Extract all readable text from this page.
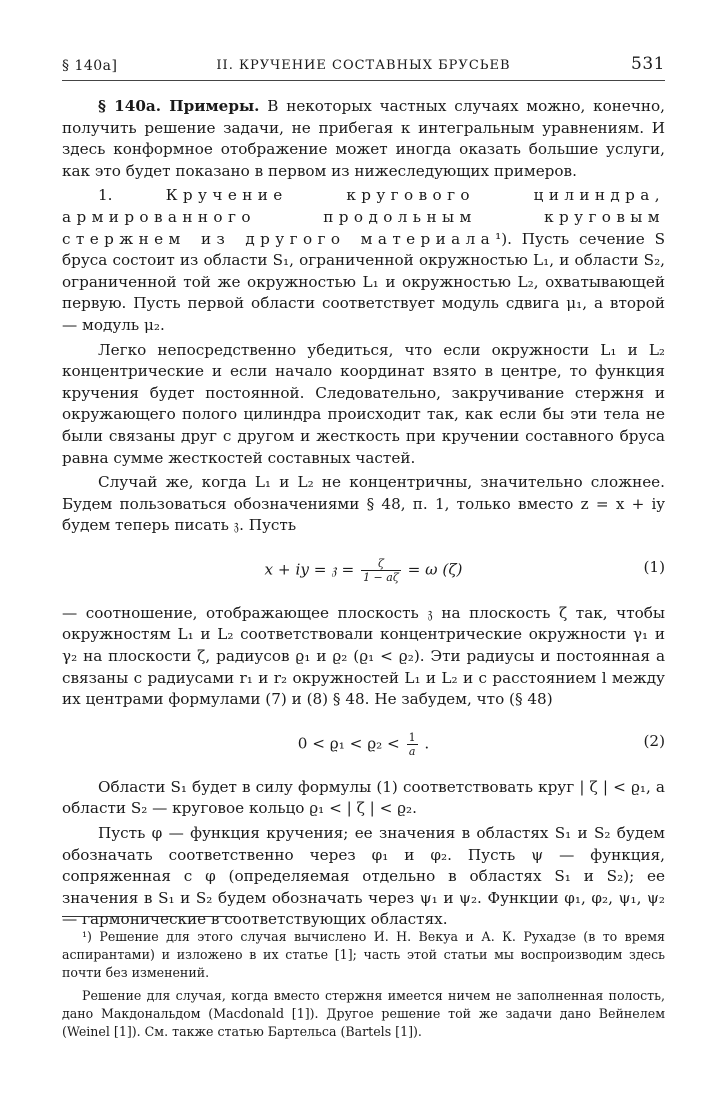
§ 140a]	II. КРУЧЕНИЕ СОСТАВНЫХ БРУСЬЕВ	531

§ 140a. Примеры. В некоторых частных случаях можно, конечно, получить решение задачи, не прибегая к интегральным уравнениям. И здесь конформное отображение может иногда оказать большие услуги, как это будет показано в первом из нижеследующих примеров.

1. Кручение кругового цилиндра, армированного продольным круговым стержнем из другого материала¹). Пусть сечение S бруса состоит из области S₁, ограниченной окружностью L₁, и области S₂, ограниченной той же окружностью L₁ и окружностью L₂, охватывающей первую. Пусть первой области соответствует модуль сдвига μ₁, а второй — модуль μ₂.

Легко непосредственно убедиться, что если окружности L₁ и L₂ концентрические и если начало координат взято в центре, то функция кручения будет постоянной. Следовательно, закручивание стержня и окружающего полого цилиндра происходит так, как если бы эти тела не были связаны друг с другом и жесткость при кручении составного бруса равна сумме жесткостей составных частей.

Случай же, когда L₁ и L₂ не концентричны, значительно сложнее. Будем пользоваться обозначениями § 48, п. 1, только вместо z = x + iy будем теперь писать 𝔷. Пусть

x + iy = 𝔷 = $\frac{\zeta}{1 - a\zeta} = \omega$ (ζ)	(1)

— соотношение, отображающее плоскость 𝔷 на плоскость ζ так, чтобы окружностям L₁ и L₂ соответствовали концентрические окружности γ₁ и γ₂ на плоскости ζ, радиусов ϱ₁ и ϱ₂ (ϱ₁ < ϱ₂). Эти радиусы и постоянная a связаны с радиусами r₁ и r₂ окружностей L₁ и L₂ и с расстоянием l между их центрами формулами (7) и (8) § 48. Не забудем, что (§ 48)

$0 < ϱ_1 < ϱ_2 < \frac{1}{a}$ .	(2)

Области S₁ будет в силу формулы (1) соответствовать круг | ζ | < ϱ₁, а области S₂ — круговое кольцо ϱ₁ < | ζ | < ϱ₂.

Пусть φ — функция кручения; ее значения в областях S₁ и S₂ будем обозначать соответственно через φ₁ и φ₂. Пусть ψ — функция, сопряженная с φ (определяемая отдельно в областях S₁ и S₂); ее значения в S₁ и S₂ будем обозначать через ψ₁ и ψ₂. Функции φ₁, φ₂, ψ₁, ψ₂ — гармонические в соответствующих областях.

¹) Решение для этого случая вычислено И. Н. Векуа и А. К. Рухадзе (в то время аспирантами) и изложено в их статье [1]; часть этой статьи мы воспроизводим здесь почти без изменений.

Решение для случая, когда вместо стержня имеется ничем не заполненная полость, дано Макдональдом (Macdonald [1]). Другое решение той же задачи дано Вейнелем (Weinel [1]). См. также статью Бартельса (Bartels [1]).
